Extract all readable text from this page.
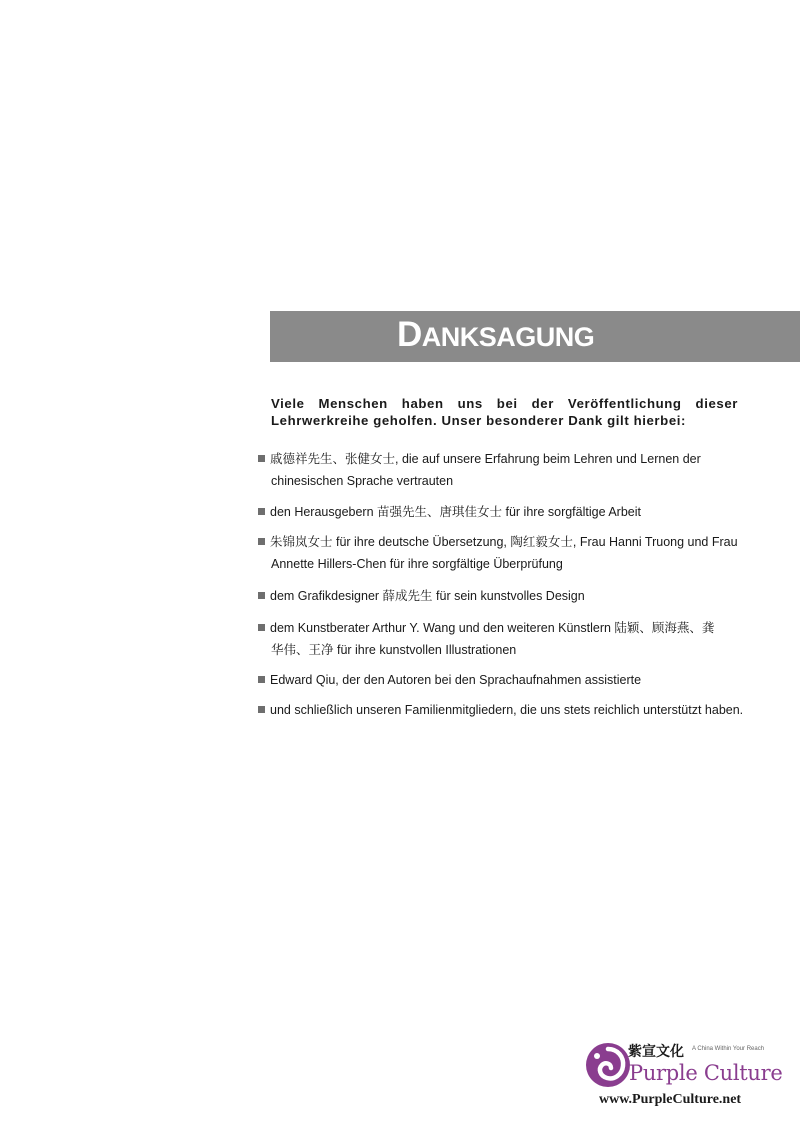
DANKSAGUNG

Viele Menschen haben uns bei der Veröffentlichung dieser Lehrwerkreihe geholfen. Unser besonderer Dank gilt hierbei:

戚德祥先生、张健女士, die auf unsere Erfahrung beim Lehren und Lernen der
chinesischen Sprache vertrauten
den Herausgebern 苗强先生、唐琪佳女士 für ihre sorgfältige Arbeit
朱锦岚女士 für ihre deutsche Übersetzung, 陶红毅女士, Frau Hanni Truong und Frau
Annette Hillers-Chen für ihre sorgfältige Überprüfung
dem Grafikdesigner 薛成先生 für sein kunstvolles Design
dem Kunstberater Arthur Y. Wang und den weiteren Künstlern 陆颖、顾海燕、龚
华伟、王净 für ihre kunstvollen Illustrationen
Edward Qiu, der den Autoren bei den Sprachaufnahmen assistierte
und schließlich unseren Familienmitgliedern, die uns stets reichlich unterstützt haben.
紫宣文化 A China Within Your Reach
Purple Culture
www.PurpleCulture.net
